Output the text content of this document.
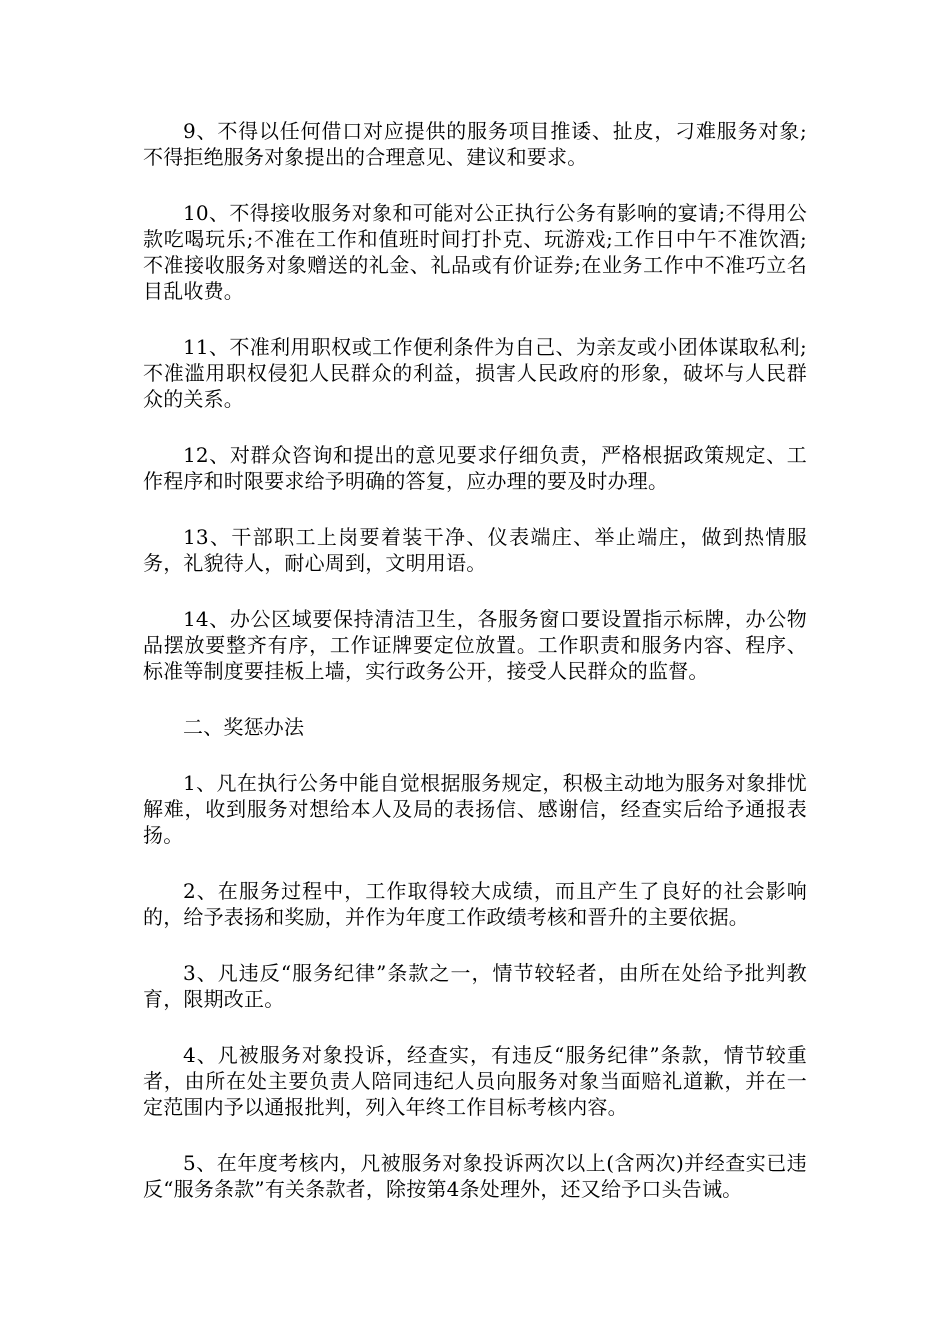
9、不得以任何借口对应提供的服务项目推诿、扯皮，刁难服务对象;不得拒绝服务对象提出的合理意见、建议和要求。

10、不得接收服务对象和可能对公正执行公务有影响的宴请;不得用公款吃喝玩乐;不准在工作和值班时间打扑克、玩游戏;工作日中午不准饮酒;不准接收服务对象赠送的礼金、礼品或有价证券;在业务工作中不准巧立名目乱收费。

11、不准利用职权或工作便利条件为自己、为亲友或小团体谋取私利;不准滥用职权侵犯人民群众的利益，损害人民政府的形象，破坏与人民群众的关系。

12、对群众咨询和提出的意见要求仔细负责，严格根据政策规定、工作程序和时限要求给予明确的答复，应办理的要及时办理。

13、干部职工上岗要着装干净、仪表端庄、举止端庄，做到热情服务，礼貌待人，耐心周到，文明用语。

14、办公区域要保持清洁卫生，各服务窗口要设置指示标牌，办公物品摆放要整齐有序，工作证牌要定位放置。工作职责和服务内容、程序、标准等制度要挂板上墙，实行政务公开，接受人民群众的监督。

二、奖惩办法

1、凡在执行公务中能自觉根据服务规定，积极主动地为服务对象排忧解难，收到服务对想给本人及局的表扬信、感谢信，经查实后给予通报表扬。

2、在服务过程中，工作取得较大成绩，而且产生了良好的社会影响的，给予表扬和奖励，并作为年度工作政绩考核和晋升的主要依据。

3、凡违反“服务纪律”条款之一，情节较轻者，由所在处给予批判教育，限期改正。

4、凡被服务对象投诉，经查实，有违反“服务纪律”条款，情节较重者，由所在处主要负责人陪同违纪人员向服务对象当面赔礼道歉，并在一定范围内予以通报批判，列入年终工作目标考核内容。

5、在年度考核内，凡被服务对象投诉两次以上(含两次)并经查实已违反“服务条款”有关条款者，除按第4条处理外，还又给予口头告诫。
